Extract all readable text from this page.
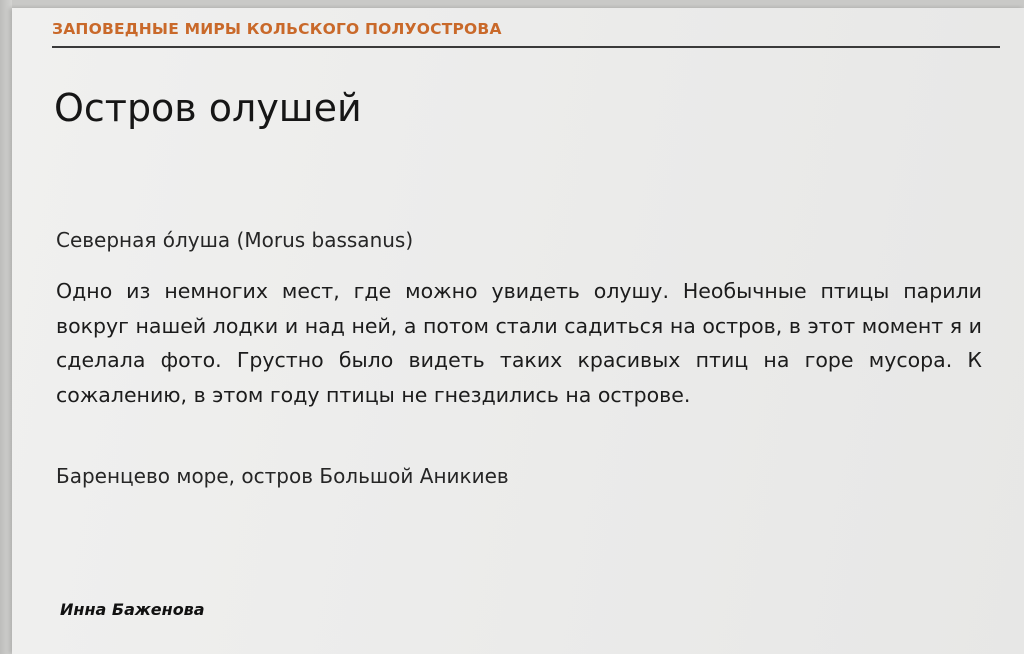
ЗАПОВЕДНЫЕ МИРЫ КОЛЬСКОГО ПОЛУОСТРОВА
Остров олушей
Северная о́луша (Morus bassanus)

Одно из немногих мест, где можно увидеть олушу. Необычные птицы парили вокруг нашей лодки и над ней, а потом стали садиться на остров, в этот момент я и сделала фото. Грустно было видеть таких красивых птиц на горе мусора. К сожалению, в этом году птицы не гнездились на острове.

Баренцево море, остров Большой Аникиев
Инна Баженова
